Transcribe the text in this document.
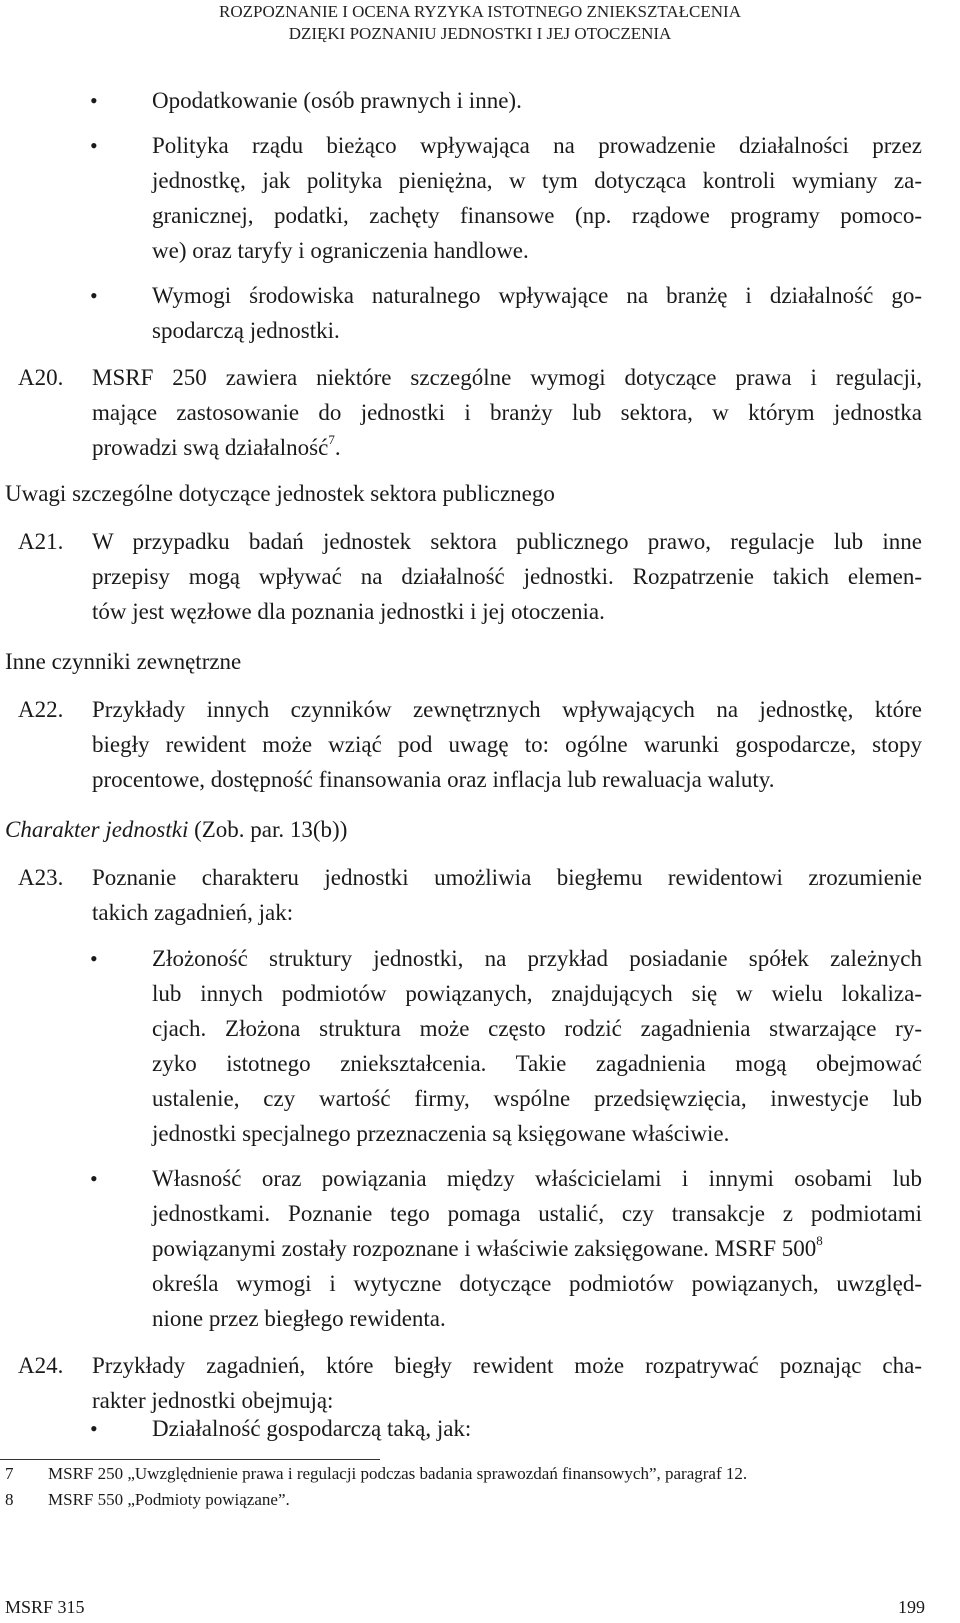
ROZPOZNANIE I OCENA RYZYKA ISTOTNEGO ZNIEKSZTAŁCENIA
DZIĘKI POZNANIU JEDNOSTKI I JEJ OTOCZENIA
• Opodatkowanie (osób prawnych i inne).
• Polityka rządu bieżąco wpływająca na prowadzenie działalności przez
jednostkę, jak polityka pieniężna, w tym dotycząca kontroli wymiany za-
granicznej, podatki, zachęty finansowe (np. rządowe programy pomoco-
we) oraz taryfy i ograniczenia handlowe.
• Wymogi środowiska naturalnego wpływające na branżę i działalność go-
spodarczą jednostki.
A20. MSRF 250 zawiera niektóre szczególne wymogi dotyczące prawa i regulacji,
mające zastosowanie do jednostki i branży lub sektora, w którym jednostka
prowadzi swą działalność$^7$.
Uwagi szczególne dotyczące jednostek sektora publicznego
A21. W przypadku badań jednostek sektora publicznego prawo, regulacje lub inne
przepisy mogą wpływać na działalność jednostki. Rozpatrzenie takich elemen-
tów jest węzłowe dla poznania jednostki i jej otoczenia.
Inne czynniki zewnętrzne
A22. Przykłady innych czynników zewnętrznych wpływających na jednostkę, które
biegły rewident może wziąć pod uwagę to: ogólne warunki gospodarcze, stopy
procentowe, dostępność finansowania oraz inflacja lub rewaluacja waluty.
Charakter jednostki (Zob. par. 13(b))
A23. Poznanie charakteru jednostki umożliwia biegłemu rewidentowi zrozumienie
takich zagadnień, jak:
• Złożoność struktury jednostki, na przykład posiadanie spółek zależnych
lub innych podmiotów powiązanych, znajdujących się w wielu lokaliza-
cjach. Złożona struktura może często rodzić zagadnienia stwarzające ry-
zyko istotnego zniekształcenia. Takie zagadnienia mogą obejmować
ustalenie, czy wartość firmy, wspólne przedsięwzięcia, inwestycje lub
jednostki specjalnego przeznaczenia są księgowane właściwie.
• Własność oraz powiązania między właścicielami i innymi osobami lub
jednostkami. Poznanie tego pomaga ustalić, czy transakcje z podmiotami
powiązanymi zostały rozpoznane i właściwie zaksięgowane. MSRF $500^8$
określa wymogi i wytyczne dotyczące podmiotów powiązanych, uwzględ-
nione przez biegłego rewidenta.
A24. Przykłady zagadnień, które biegły rewident może rozpatrywać poznając cha-
rakter jednostki obejmują:
• Działalność gospodarczą taką, jak:
7 MSRF 250 „Uwzględnienie prawa i regulacji podczas badania sprawozdań finansowych”, paragraf 12.
8 MSRF 550 „Podmioty powiązane”.
MSRF 315	199
